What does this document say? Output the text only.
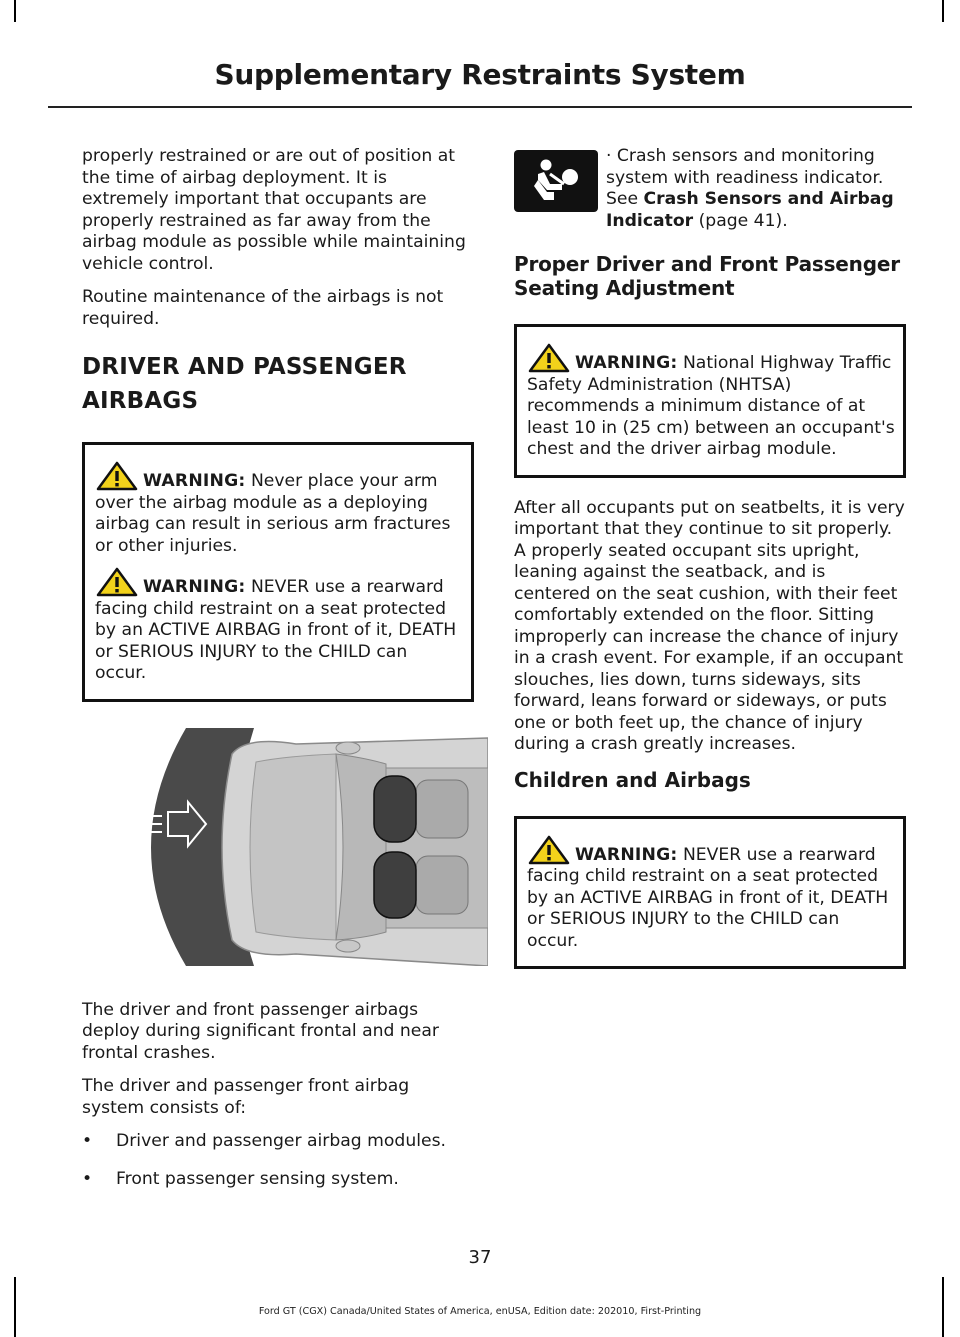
Supplementary Restraints System

properly restrained or are out of position at the time of airbag deployment. It is extremely important that occupants are properly restrained as far away from the airbag module as possible while maintaining vehicle control.

Routine maintenance of the airbags is not required.

DRIVER AND PASSENGER AIRBAGS

WARNING: Never place your arm over the airbag module as a deploying airbag can result in serious arm fractures or other injuries.

WARNING: NEVER use a rearward facing child restraint on a seat protected by an ACTIVE AIRBAG in front of it, DEATH or SERIOUS INJURY to the CHILD can occur.

The driver and front passenger airbags deploy during significant frontal and near frontal crashes.

The driver and passenger front airbag system consists of:

• Driver and passenger airbag modules.
• Front passenger sensing system.
· Crash sensors and monitoring system with readiness indicator. See Crash Sensors and Airbag Indicator (page 41).
Proper Driver and Front Passenger Seating Adjustment

WARNING: National Highway Traffic Safety Administration (NHTSA) recommends a minimum distance of at least 10 in (25 cm) between an occupant's chest and the driver airbag module.

After all occupants put on seatbelts, it is very important that they continue to sit properly. A properly seated occupant sits upright, leaning against the seatback, and is centered on the seat cushion, with their feet comfortably extended on the floor. Sitting improperly can increase the chance of injury in a crash event. For example, if an occupant slouches, lies down, turns sideways, sits forward, leans forward or sideways, or puts one or both feet up, the chance of injury during a crash greatly increases.

Children and Airbags

WARNING: NEVER use a rearward facing child restraint on a seat protected by an ACTIVE AIRBAG in front of it, DEATH or SERIOUS INJURY to the CHILD can occur.

37
Ford GT (CGX) Canada/United States of America, enUSA, Edition date: 202010, First-Printing
